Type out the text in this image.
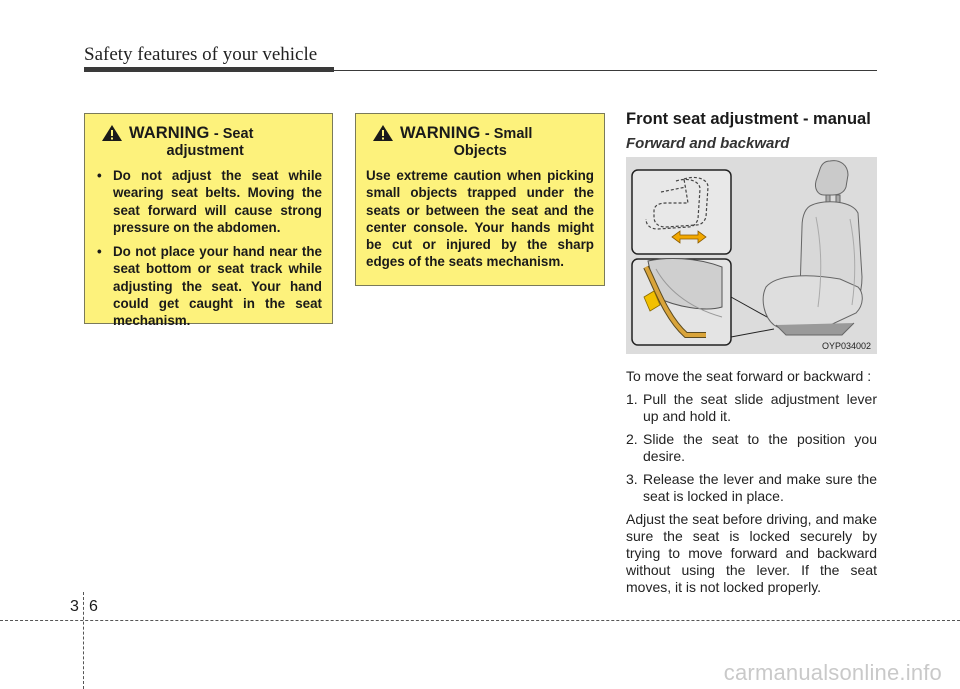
Safety features of your vehicle
WARNING - Seat
adjustment
• Do not adjust the seat while wearing seat belts. Moving the seat forward will cause strong pressure on the abdomen.
• Do not place your hand near the seat bottom or seat track while adjusting the seat. Your hand could get caught in the seat mechanism.
WARNING - Small
Objects

Use extreme caution when picking small objects trapped under the seats or between the seat and the center console. Your hands might be cut or injured by the sharp edges of the seats mechanism.

Front seat adjustment - manual
Forward and backward
OYP034002

To move the seat forward or backward :

1. Pull the seat slide adjustment lever up and hold it.
2. Slide the seat to the position you desire.
3. Release the lever and make sure the seat is locked in place.

Adjust the seat before driving, and make sure the seat is locked securely by trying to move forward and backward without using the lever. If the seat moves, it is not locked properly.

3 6
carmanualsonline.info
